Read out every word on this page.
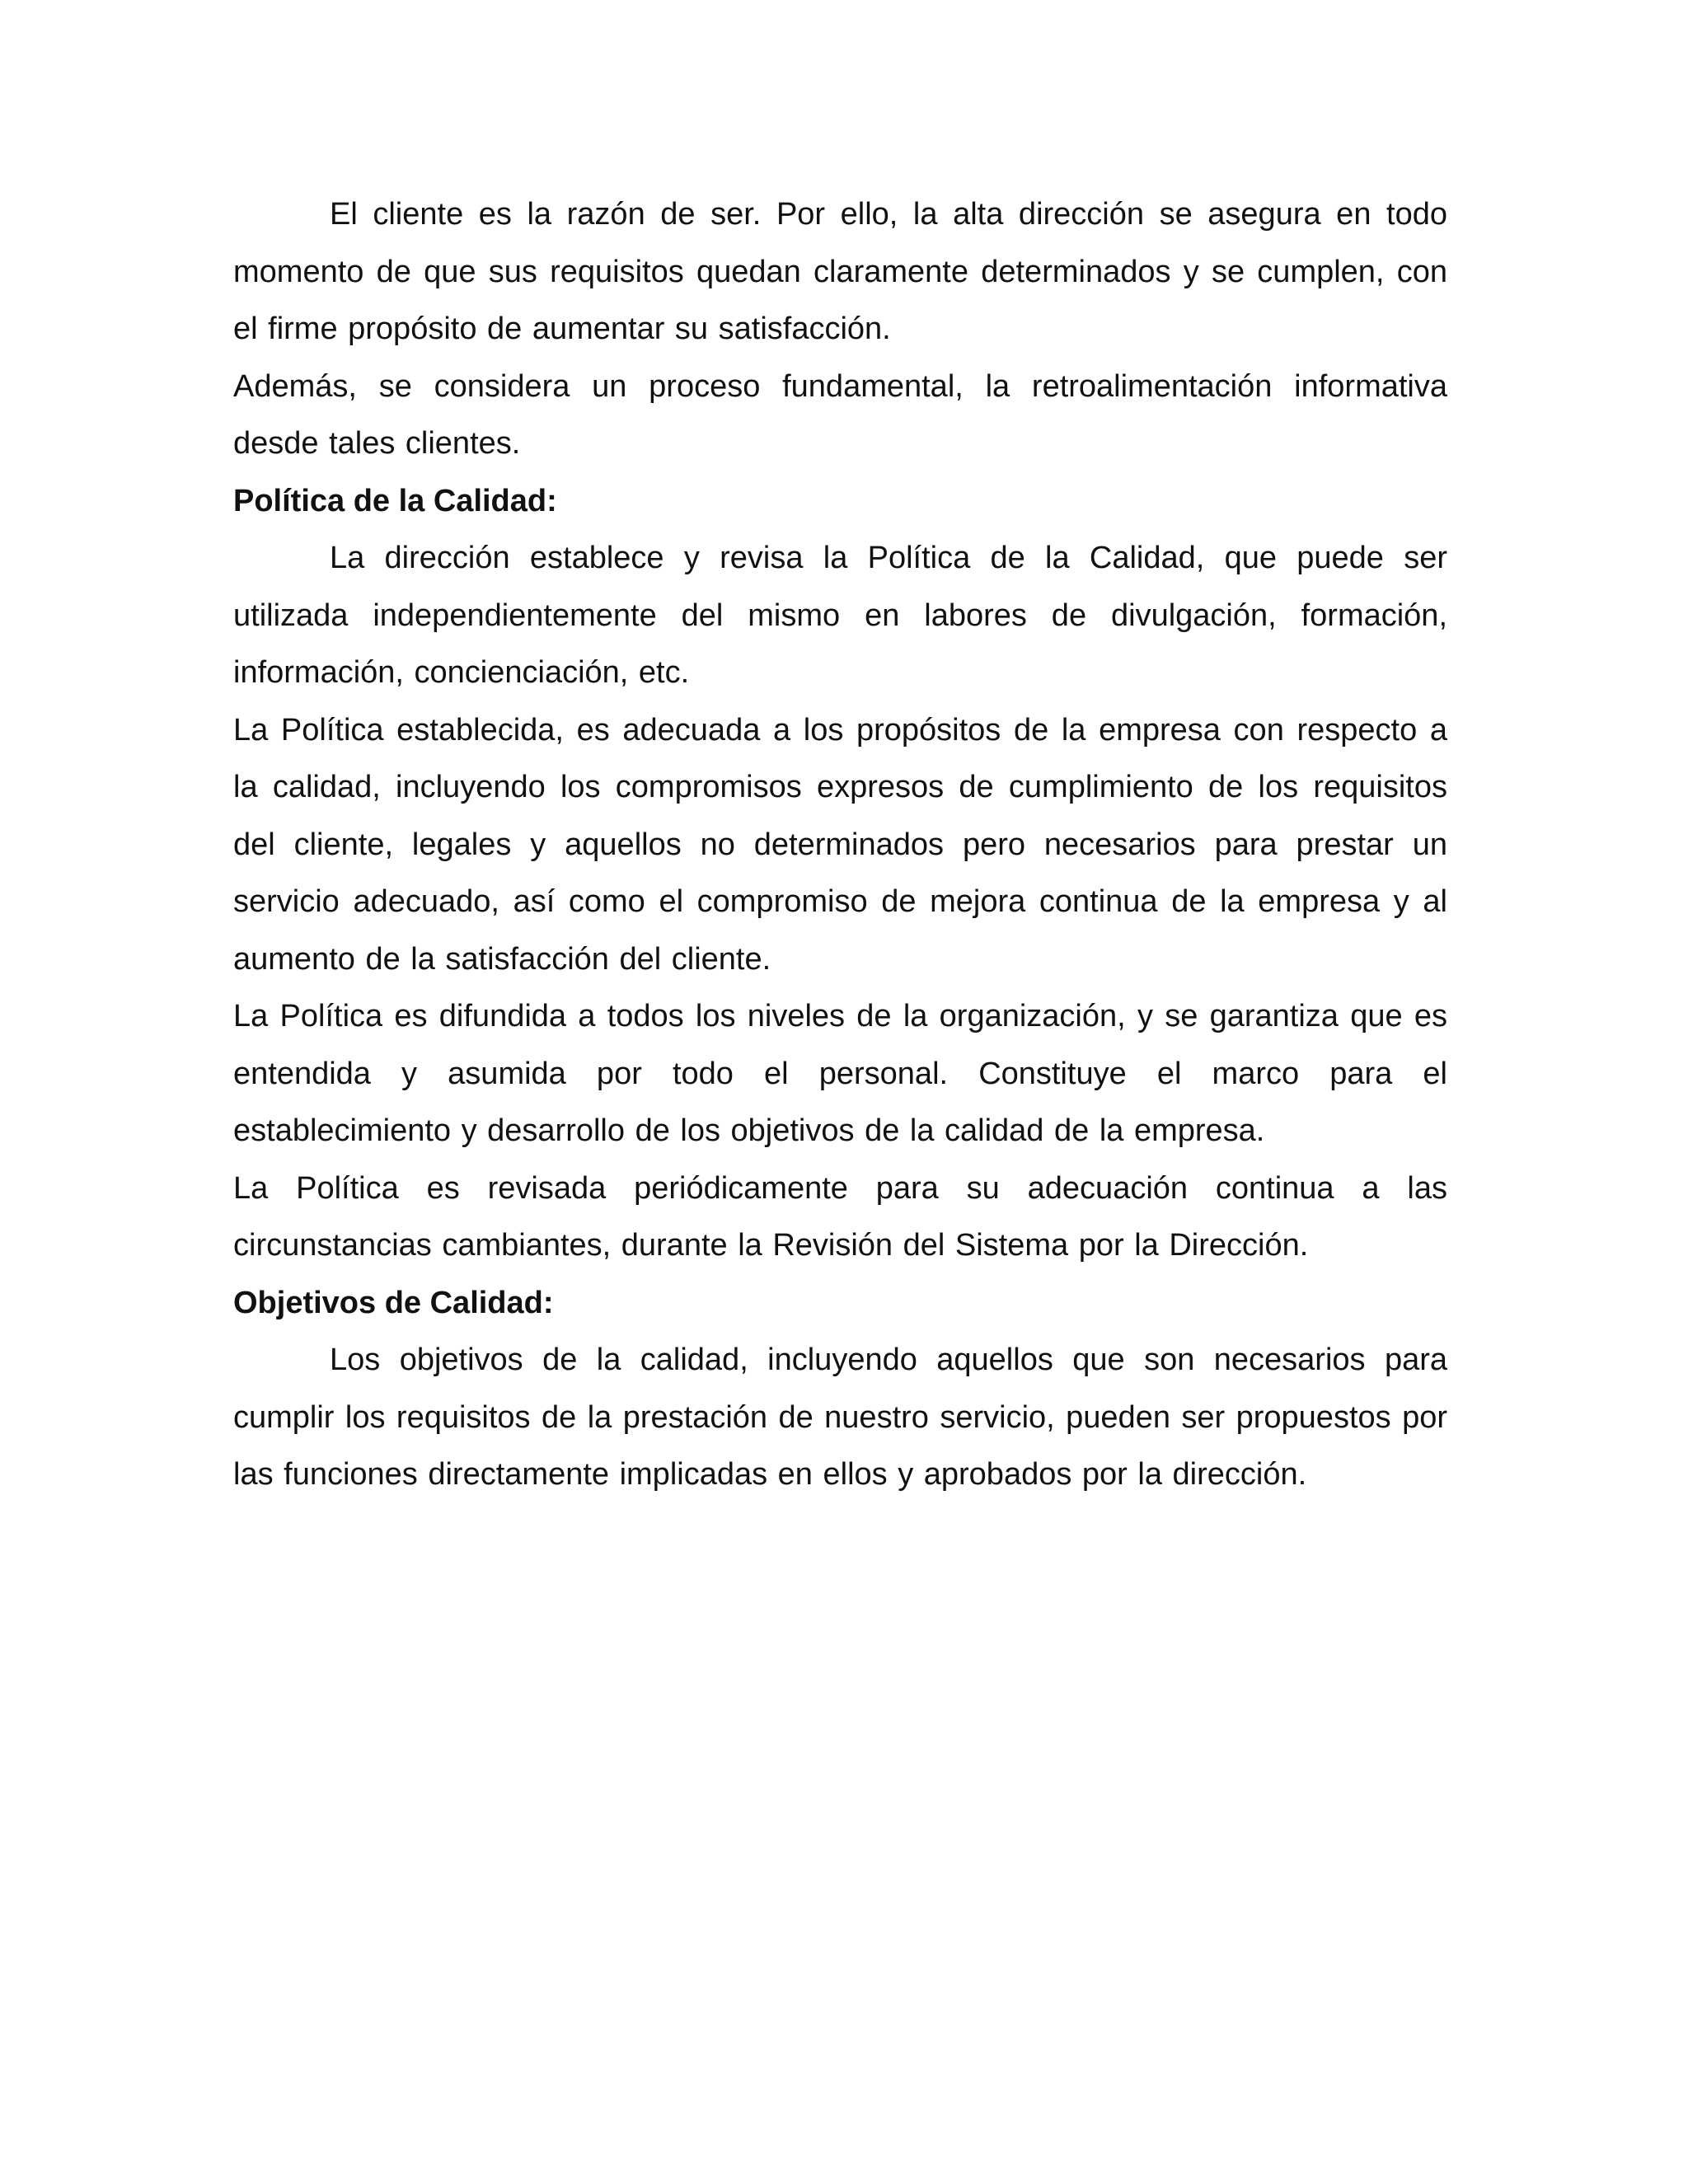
El cliente es la razón de ser. Por ello, la alta dirección se asegura en todo momento de que sus requisitos quedan claramente determinados y se cumplen, con el firme propósito de aumentar su satisfacción.

Además, se considera un proceso fundamental, la retroalimentación informativa desde tales clientes.

Política de la Calidad:

La dirección establece y revisa la Política de la Calidad, que puede ser utilizada independientemente del mismo en labores de divulgación, formación, información, concienciación, etc.

La Política establecida, es adecuada a los propósitos de la empresa con respecto a la calidad, incluyendo los compromisos expresos de cumplimiento de los requisitos del cliente, legales y aquellos no determinados pero necesarios para prestar un servicio adecuado, así como el compromiso de mejora continua de la empresa y al aumento de la satisfacción del cliente.

La Política es difundida a todos los niveles de la organización, y se garantiza que es entendida y asumida por todo el personal. Constituye el marco para el establecimiento y desarrollo de los objetivos de la calidad de la empresa.

La Política es revisada periódicamente para su adecuación continua a las circunstancias cambiantes, durante la Revisión del Sistema por la Dirección.

Objetivos de Calidad:

Los objetivos de la calidad, incluyendo aquellos que son necesarios para cumplir los requisitos de la prestación de nuestro servicio, pueden ser propuestos por las funciones directamente implicadas en ellos y aprobados por la dirección.
